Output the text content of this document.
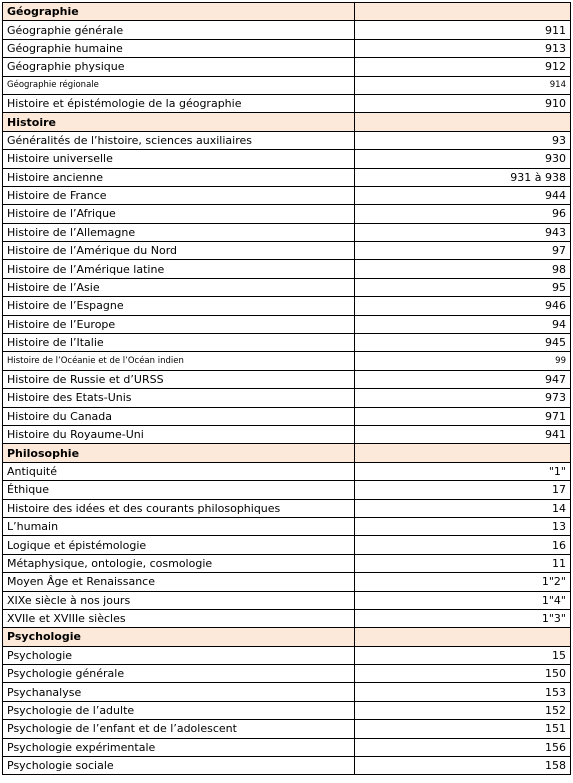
Géographie	
Géographie générale	911
Géographie humaine	913
Géographie physique	912
Géographie régionale	914
Histoire et épistémologie de la géographie	910
Histoire	
Généralités de l’histoire, sciences auxiliaires	93
Histoire universelle	930
Histoire ancienne	931 à 938
Histoire de France	944
Histoire de l’Afrique	96
Histoire de l’Allemagne	943
Histoire de l’Amérique du Nord	97
Histoire de l’Amérique latine	98
Histoire de l’Asie	95
Histoire de l’Espagne	946
Histoire de l’Europe	94
Histoire de l’Italie	945
Histoire de l’Océanie et de l’Océan indien	99
Histoire de Russie et d’URSS	947
Histoire des Etats-Unis	973
Histoire du Canada	971
Histoire du Royaume-Uni	941
Philosophie	
Antiquité	"1"
Éthique	17
Histoire des idées et des courants philosophiques	14
L’humain	13
Logique et épistémologie	16
Métaphysique, ontologie, cosmologie	11
Moyen Âge et Renaissance	1"2"
XIXe siècle à nos jours	1"4"
XVIIe et XVIIIe siècles	1"3"
Psychologie	
Psychologie	15
Psychologie générale	150
Psychanalyse	153
Psychologie de l’adulte	152
Psychologie de l’enfant et de l’adolescent	151
Psychologie expérimentale	156
Psychologie sociale	158
